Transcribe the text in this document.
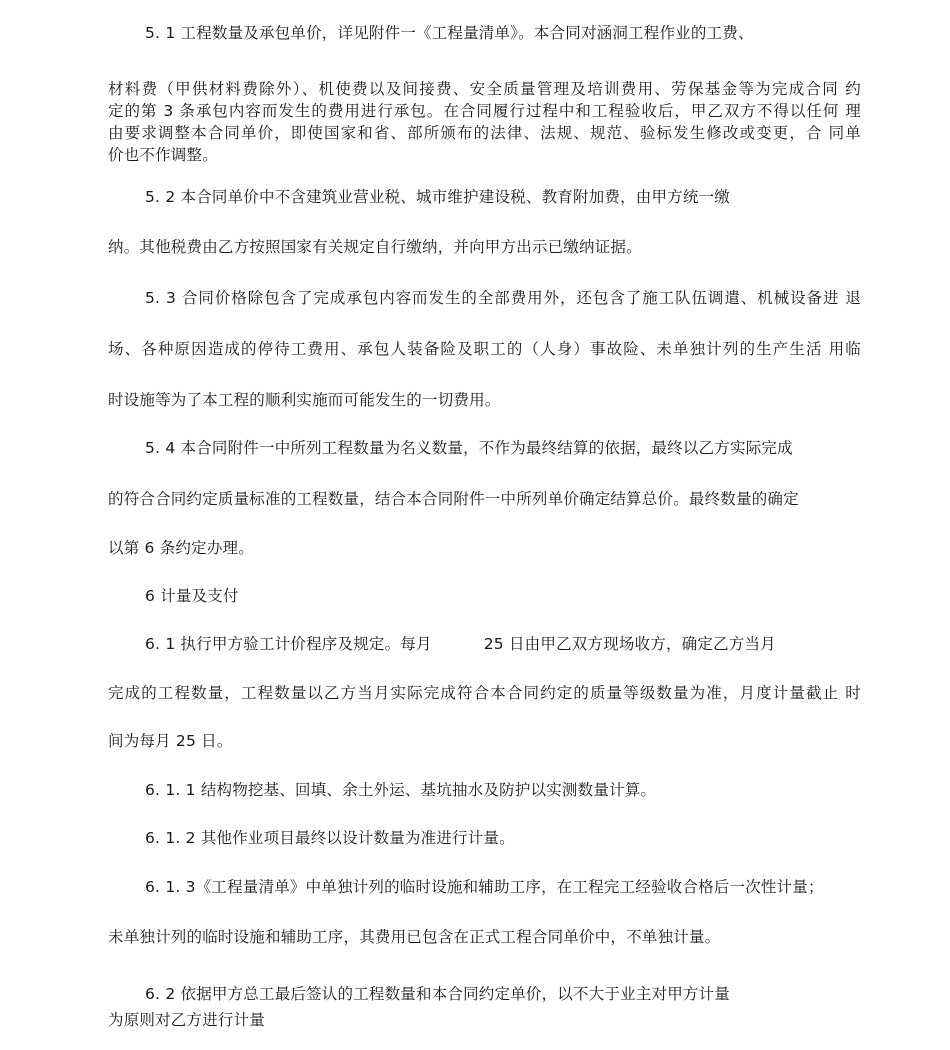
5. 1 工程数量及承包单价，详见附件一《工程量清单》。本合同对涵洞工程作业的工费、
材料费（甲供材料费除外）、机使费以及间接费、安全质量管理及培训费用、劳保基金等为完成合同 约
定的第 3 条承包内容而发生的费用进行承包。在合同履行过程中和工程验收后，甲乙双方不得以任何 理
由要求调整本合同单价，即使国家和省、部所颁布的法律、法规、规范、验标发生修改或变更，合 同单
价也不作调整。
5. 2 本合同单价中不含建筑业营业税、城市维护建设税、教育附加费，由甲方统一缴
纳。其他税费由乙方按照国家有关规定自行缴纳，并向甲方出示已缴纳证据。
5. 3 合同价格除包含了完成承包内容而发生的全部费用外，还包含了施工队伍调遣、机械设备进 退
场、各种原因造成的停待工费用、承包人装备险及职工的（人身）事故险、未单独计列的生产生活 用临
时设施等为了本工程的顺利实施而可能发生的一切费用。
5. 4 本合同附件一中所列工程数量为名义数量，不作为最终结算的依据，最终以乙方实际完成
的符合合同约定质量标准的工程数量，结合本合同附件一中所列单价确定结算总价。最终数量的确定
以第 6 条约定办理。
6 计量及支付
6. 1 执行甲方验工计价程序及规定。每月	25 日由甲乙双方现场收方，确定乙方当月
完成的工程数量，工程数量以乙方当月实际完成符合本合同约定的质量等级数量为准，月度计量截止 时
间为每月 25 日。
6. 1. 1 结构物挖基、回填、余土外运、基坑抽水及防护以实测数量计算。
6. 1. 2 其他作业项目最终以设计数量为准进行计量。
6. 1. 3《工程量清单》中单独计列的临时设施和辅助工序，在工程完工经验收合格后一次性计量；
未单独计列的临时设施和辅助工序，其费用已包含在正式工程合同单价中，不单独计量。
6. 2 依据甲方总工最后签认的工程数量和本合同约定单价，以不大于业主对甲方计量
为原则对乙方进行计量
